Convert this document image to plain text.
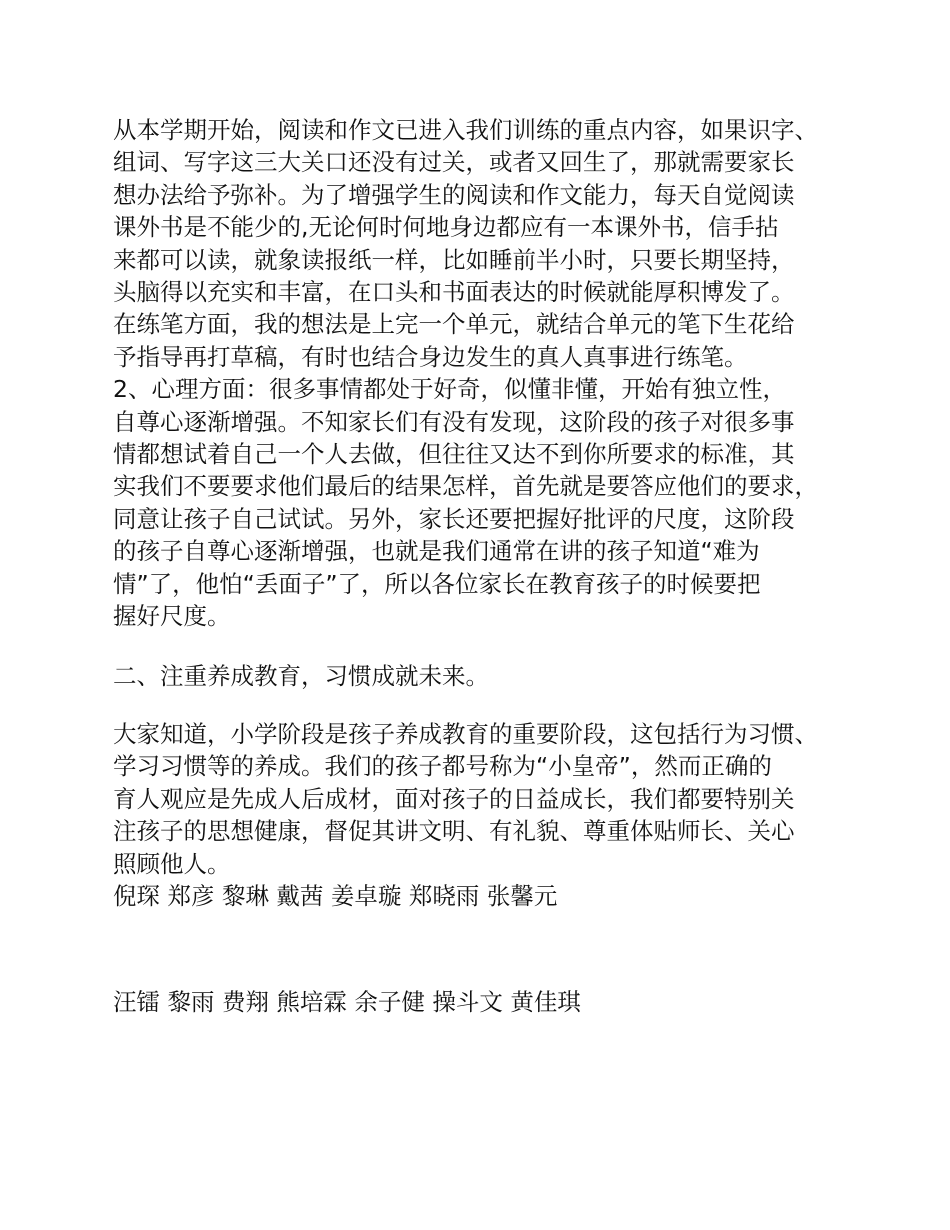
从本学期开始，阅读和作文已进入我们训练的重点内容，如果识字、
组词、写字这三大关口还没有过关，或者又回生了，那就需要家长
想办法给予弥补。为了增强学生的阅读和作文能力，每天自觉阅读
课外书是不能少的,无论何时何地身边都应有一本课外书，信手拈
来都可以读，就象读报纸一样，比如睡前半小时，只要长期坚持，
头脑得以充实和丰富，在口头和书面表达的时候就能厚积博发了。
在练笔方面，我的想法是上完一个单元，就结合单元的笔下生花给
予指导再打草稿，有时也结合身边发生的真人真事进行练笔。
2、心理方面：很多事情都处于好奇，似懂非懂，开始有独立性，
自尊心逐渐增强。不知家长们有没有发现，这阶段的孩子对很多事
情都想试着自己一个人去做，但往往又达不到你所要求的标准，其
实我们不要要求他们最后的结果怎样，首先就是要答应他们的要求，
同意让孩子自己试试。另外，家长还要把握好批评的尺度，这阶段
的孩子自尊心逐渐增强，也就是我们通常在讲的孩子知道“难为
情”了，他怕“丢面子”了，所以各位家长在教育孩子的时候要把
握好尺度。
二、注重养成教育，习惯成就未来。
大家知道，小学阶段是孩子养成教育的重要阶段，这包括行为习惯、
学习习惯等的养成。我们的孩子都号称为“小皇帝”，然而正确的
育人观应是先成人后成材，面对孩子的日益成长，我们都要特别关
注孩子的思想健康，督促其讲文明、有礼貌、尊重体贴师长、关心
照顾他人。
倪琛 郑彦 黎琳 戴茜 姜卓璇 郑晓雨 张馨元
汪镭 黎雨 费翔 熊培霖 余子健 操斗文 黄佳琪
